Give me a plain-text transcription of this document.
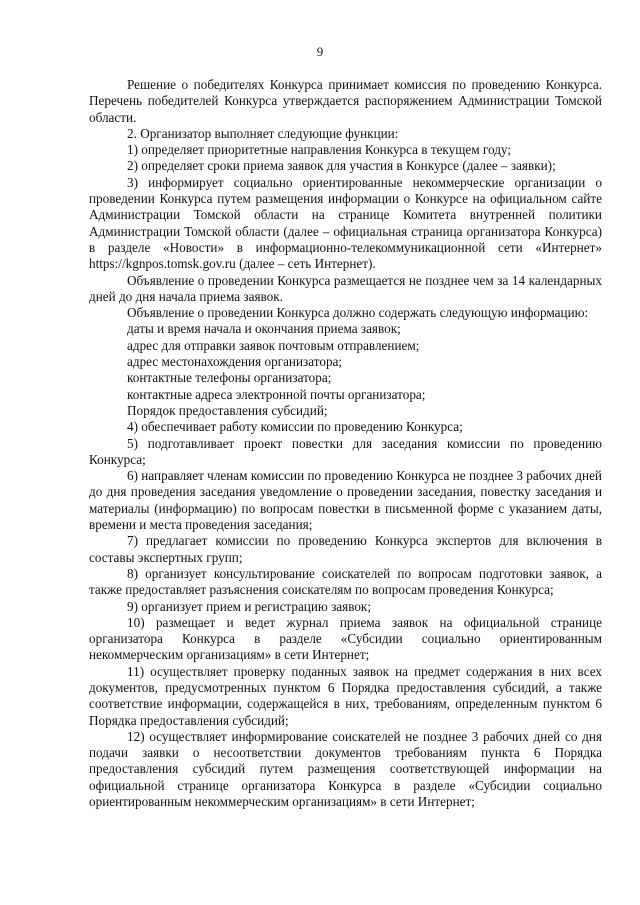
9

Решение о победителях Конкурса принимает комиссия по проведению Конкурса. Перечень победителей Конкурса утверждается распоряжением Администрации Томской области.

2. Организатор выполняет следующие функции:

1) определяет приоритетные направления Конкурса в текущем году;

2) определяет сроки приема заявок для участия в Конкурсе (далее – заявки);

3) информирует социально ориентированные некоммерческие организации о проведении Конкурса путем размещения информации о Конкурсе на официальном сайте Администрации Томской области на странице Комитета внутренней политики Администрации Томской области (далее – официальная страница организатора Конкурса) в разделе «Новости» в информационно-телекоммуникационной сети «Интернет» https://kgnpos.tomsk.gov.ru (далее – сеть Интернет).

Объявление о проведении Конкурса размещается не позднее чем за 14 календарных дней до дня начала приема заявок.

Объявление о проведении Конкурса должно содержать следующую информацию:

даты и время начала и окончания приема заявок;

адрес для отправки заявок почтовым отправлением;

адрес местонахождения организатора;

контактные телефоны организатора;

контактные адреса электронной почты организатора;

Порядок предоставления субсидий;

4) обеспечивает работу комиссии по проведению Конкурса;

5) подготавливает проект повестки для заседания комиссии по проведению Конкурса;

6) направляет членам комиссии по проведению Конкурса не позднее 3 рабочих дней до дня проведения заседания уведомление о проведении заседания, повестку заседания и материалы (информацию) по вопросам повестки в письменной форме с указанием даты, времени и места проведения заседания;

7) предлагает комиссии по проведению Конкурса экспертов для включения в составы экспертных групп;

8) организует консультирование соискателей по вопросам подготовки заявок, а также предоставляет разъяснения соискателям по вопросам проведения Конкурса;

9) организует прием и регистрацию заявок;

10) размещает и ведет журнал приема заявок на официальной странице организатора Конкурса в разделе «Субсидии социально ориентированным некоммерческим организациям» в сети Интернет;

11) осуществляет проверку поданных заявок на предмет содержания в них всех документов, предусмотренных пунктом 6 Порядка предоставления субсидий, а также соответствие информации, содержащейся в них, требованиям, определенным пунктом 6 Порядка предоставления субсидий;

12) осуществляет информирование соискателей не позднее 3 рабочих дней со дня подачи заявки о несоответствии документов требованиям пункта 6 Порядка предоставления субсидий путем размещения соответствующей информации на официальной странице организатора Конкурса в разделе «Субсидии социально ориентированным некоммерческим организациям» в сети Интернет;
